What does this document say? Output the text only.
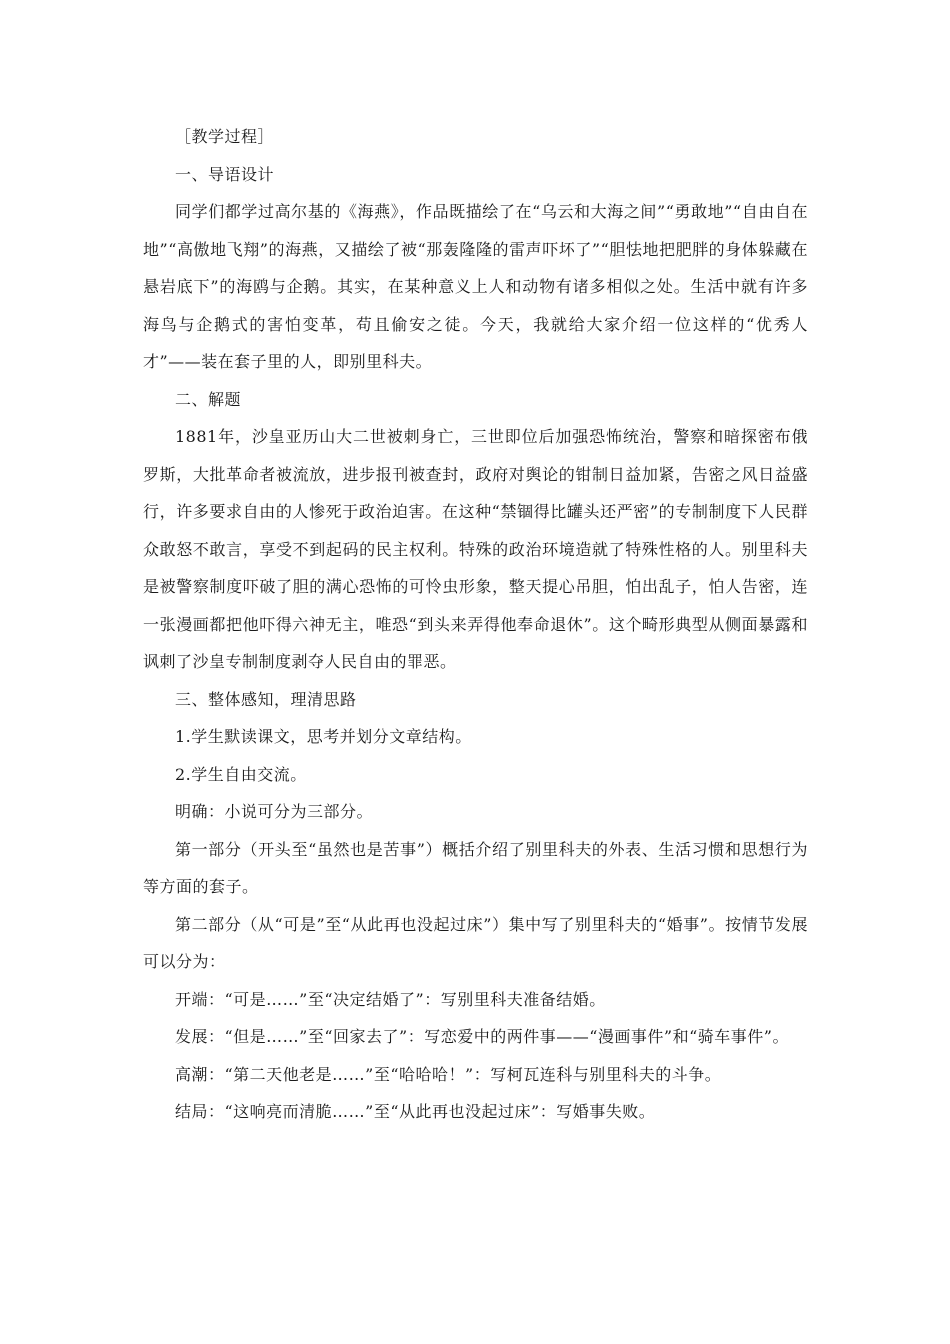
［教学过程］

一、导语设计

同学们都学过高尔基的《海燕》，作品既描绘了在“乌云和大海之间”“勇敢地”“自由自在地”“高傲地飞翔”的海燕，又描绘了被“那轰隆隆的雷声吓坏了”“胆怯地把肥胖的身体躲藏在悬岩底下”的海鸥与企鹅。其实，在某种意义上人和动物有诸多相似之处。生活中就有许多海鸟与企鹅式的害怕变革，苟且偷安之徒。今天，我就给大家介绍一位这样的“优秀人才”——装在套子里的人，即别里科夫。

二、解题

1881年，沙皇亚历山大二世被刺身亡，三世即位后加强恐怖统治，警察和暗探密布俄罗斯，大批革命者被流放，进步报刊被查封，政府对舆论的钳制日益加紧，告密之风日益盛行，许多要求自由的人惨死于政治迫害。在这种“禁锢得比罐头还严密”的专制制度下人民群众敢怒不敢言，享受不到起码的民主权利。特殊的政治环境造就了特殊性格的人。别里科夫是被警察制度吓破了胆的满心恐怖的可怜虫形象，整天提心吊胆，怕出乱子，怕人告密，连一张漫画都把他吓得六神无主，唯恐“到头来弄得他奉命退休”。这个畸形典型从侧面暴露和讽刺了沙皇专制制度剥夺人民自由的罪恶。

三、整体感知，理清思路

1.学生默读课文，思考并划分文章结构。

2.学生自由交流。

明确：小说可分为三部分。

第一部分（开头至“虽然也是苦事”）概括介绍了别里科夫的外表、生活习惯和思想行为等方面的套子。

第二部分（从“可是”至“从此再也没起过床”）集中写了别里科夫的“婚事”。按情节发展可以分为：

开端：“可是……”至“决定结婚了”：写别里科夫准备结婚。

发展：“但是……”至“回家去了”：写恋爱中的两件事——“漫画事件”和“骑车事件”。

高潮：“第二天他老是……”至“哈哈哈！”：写柯瓦连科与别里科夫的斗争。

结局：“这响亮而清脆……”至“从此再也没起过床”：写婚事失败。
